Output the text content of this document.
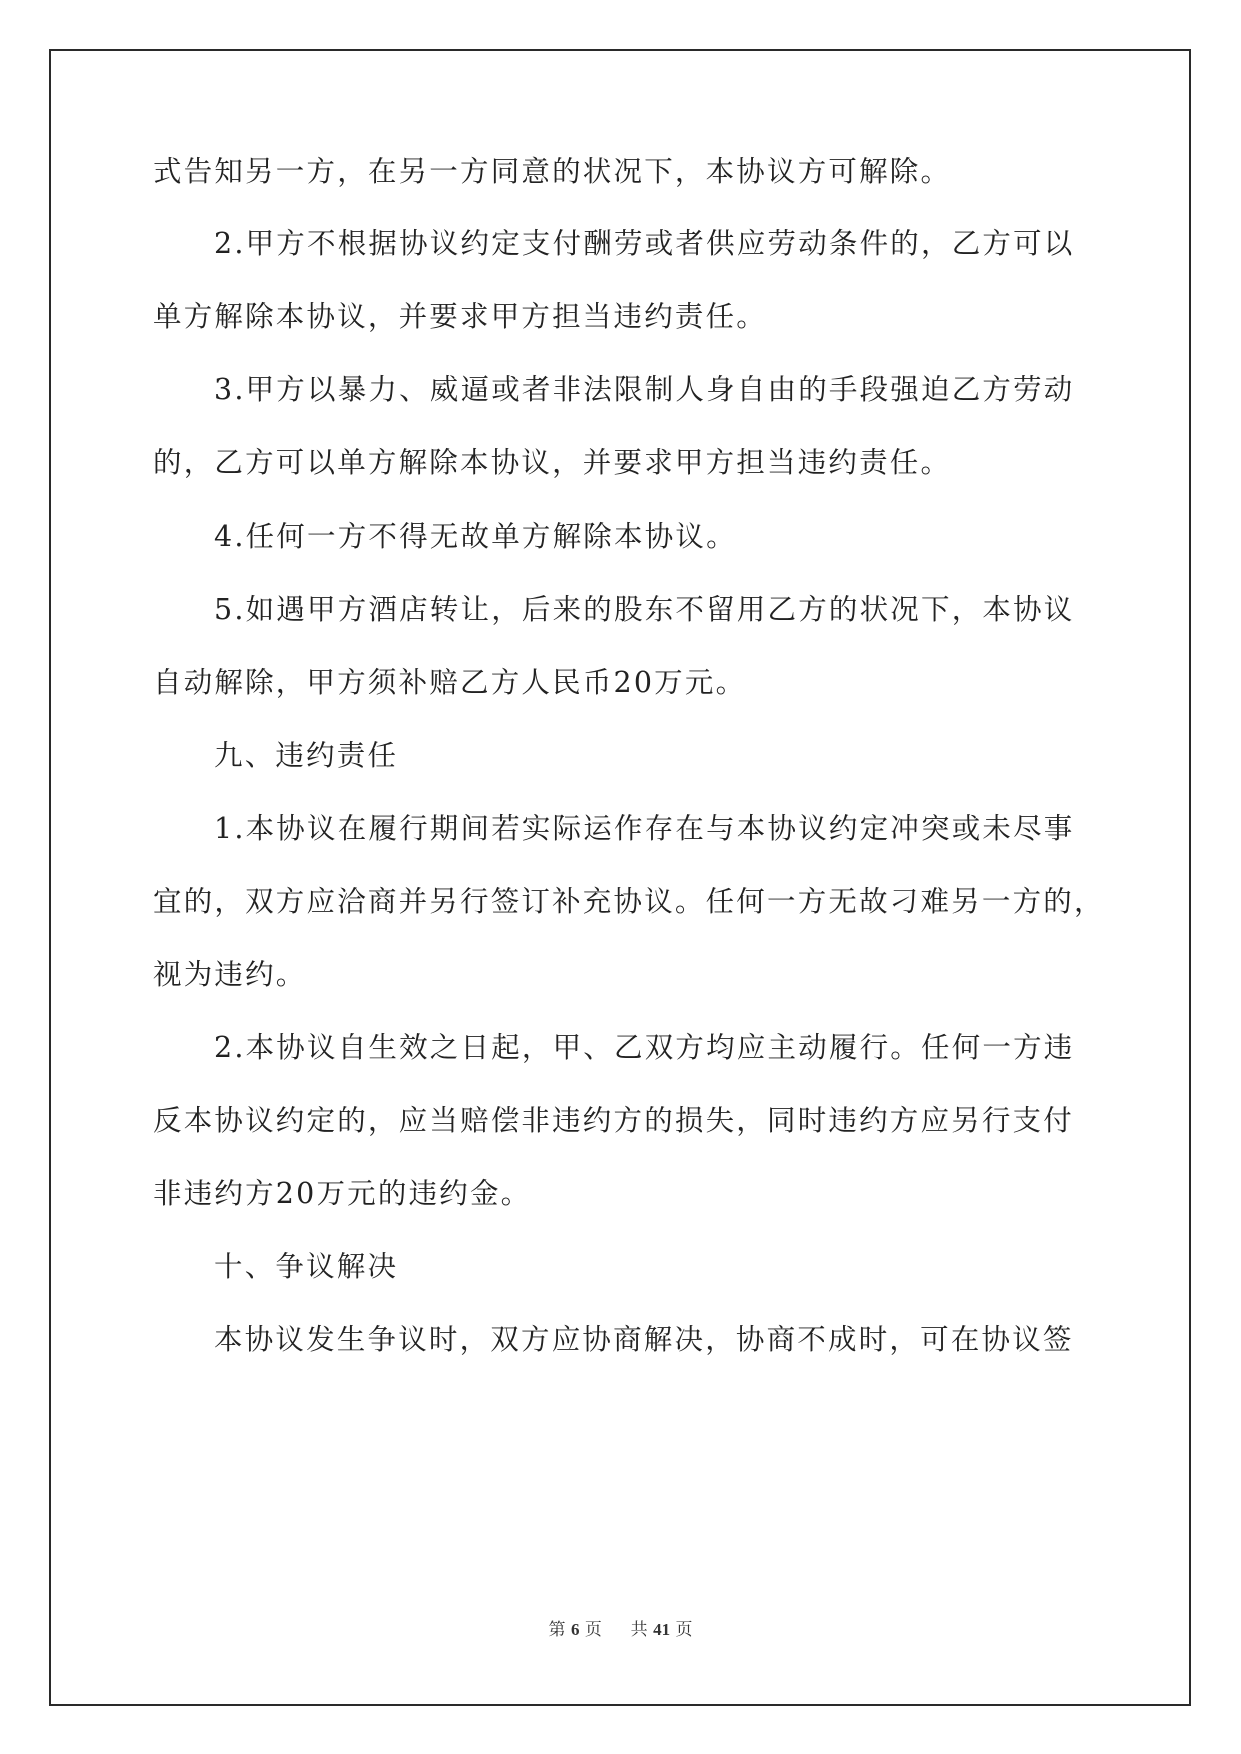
式告知另一方，在另一方同意的状况下，本协议方可解除。
2.甲方不根据协议约定支付酬劳或者供应劳动条件的，乙方可以
单方解除本协议，并要求甲方担当违约责任。
3.甲方以暴力、威逼或者非法限制人身自由的手段强迫乙方劳动
的，乙方可以单方解除本协议，并要求甲方担当违约责任。
4.任何一方不得无故单方解除本协议。
5.如遇甲方酒店转让，后来的股东不留用乙方的状况下，本协议
自动解除，甲方须补赔乙方人民币20万元。
九、违约责任
1.本协议在履行期间若实际运作存在与本协议约定冲突或未尽事
宜的，双方应洽商并另行签订补充协议。任何一方无故刁难另一方的，
视为违约。
2.本协议自生效之日起，甲、乙双方均应主动履行。任何一方违
反本协议约定的，应当赔偿非违约方的损失，同时违约方应另行支付
非违约方20万元的违约金。
十、争议解决
本协议发生争议时，双方应协商解决，协商不成时，可在协议签
第 6 页 共 41 页
